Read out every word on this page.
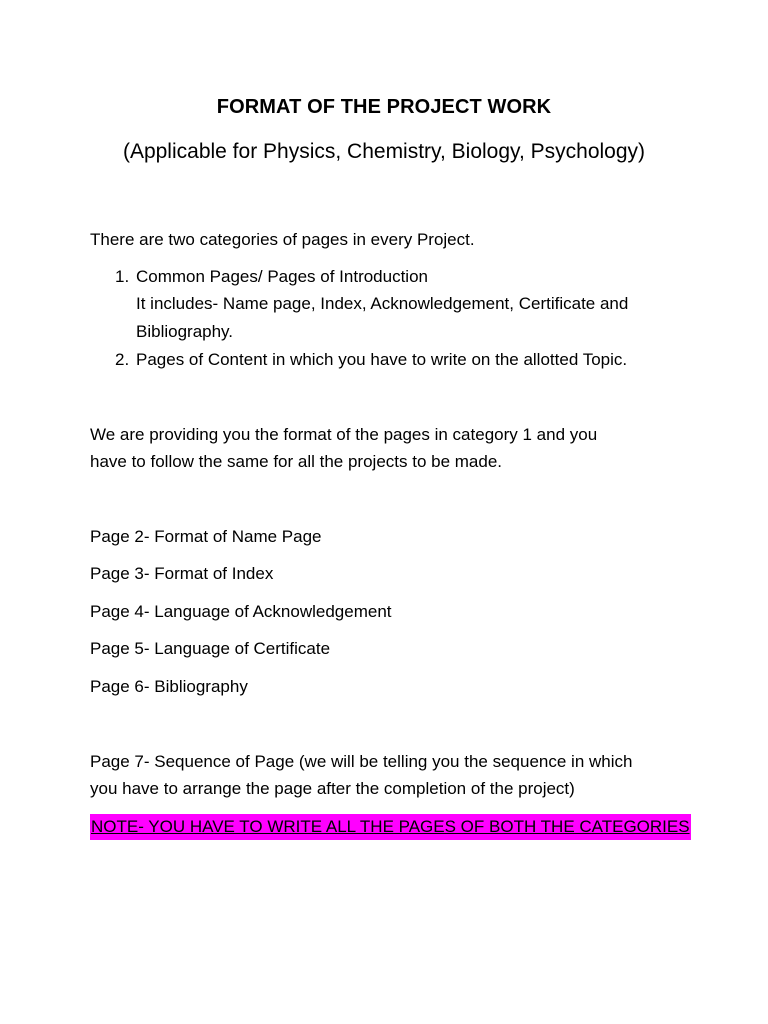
FORMAT OF THE PROJECT WORK
(Applicable for Physics, Chemistry, Biology, Psychology)
There are two categories of pages in every Project.
1. Common Pages/ Pages of Introduction
It includes- Name page, Index, Acknowledgement, Certificate and
Bibliography.
2. Pages of Content in which you have to write on the allotted Topic.
We are providing you the format of the pages in category 1 and you
have to follow the same for all the projects to be made.
Page 2- Format of Name Page
Page 3- Format of Index
Page 4- Language of Acknowledgement
Page 5- Language of Certificate
Page 6- Bibliography
Page 7- Sequence of Page (we will be telling you the sequence in which
you have to arrange the page after the completion of the project)
NOTE- YOU HAVE TO WRITE ALL THE PAGES OF BOTH THE CATEGORIES
